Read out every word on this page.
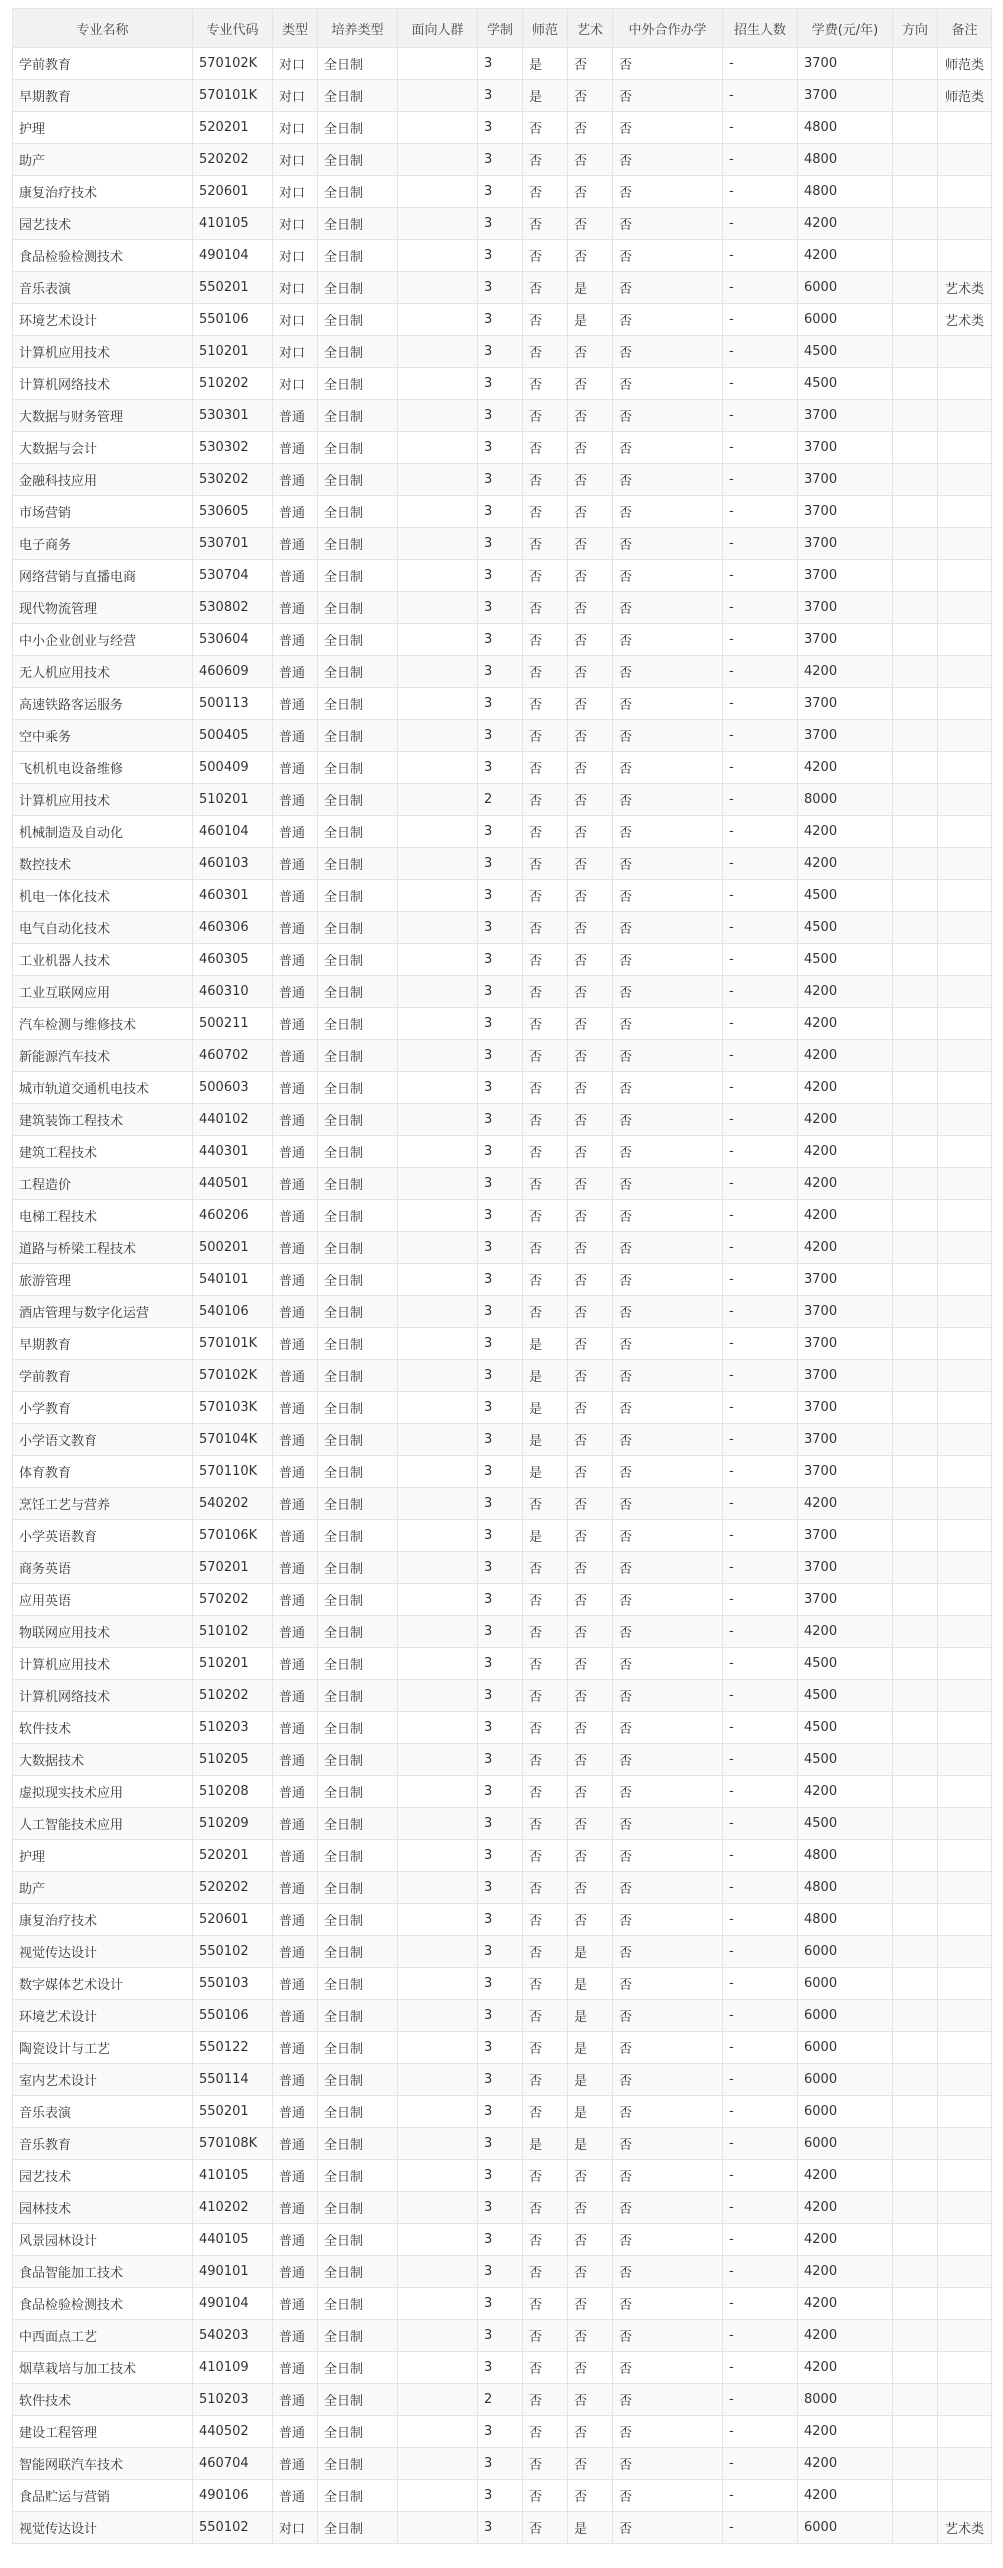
专业名称	专业代码	类型	培养类型	面向人群	学制	师范	艺术	中外合作办学	招生人数	学费(元/年)	方向	备注
学前教育	570102K	对口	全日制		3	是	否	否	-	3700		师范类
早期教育	570101K	对口	全日制		3	是	否	否	-	3700		师范类
护理	520201	对口	全日制		3	否	否	否	-	4800		
助产	520202	对口	全日制		3	否	否	否	-	4800		
康复治疗技术	520601	对口	全日制		3	否	否	否	-	4800		
园艺技术	410105	对口	全日制		3	否	否	否	-	4200		
食品检验检测技术	490104	对口	全日制		3	否	否	否	-	4200		
音乐表演	550201	对口	全日制		3	否	是	否	-	6000		艺术类
环境艺术设计	550106	对口	全日制		3	否	是	否	-	6000		艺术类
计算机应用技术	510201	对口	全日制		3	否	否	否	-	4500		
计算机网络技术	510202	对口	全日制		3	否	否	否	-	4500		
大数据与财务管理	530301	普通	全日制		3	否	否	否	-	3700		
大数据与会计	530302	普通	全日制		3	否	否	否	-	3700		
金融科技应用	530202	普通	全日制		3	否	否	否	-	3700		
市场营销	530605	普通	全日制		3	否	否	否	-	3700		
电子商务	530701	普通	全日制		3	否	否	否	-	3700		
网络营销与直播电商	530704	普通	全日制		3	否	否	否	-	3700		
现代物流管理	530802	普通	全日制		3	否	否	否	-	3700		
中小企业创业与经营	530604	普通	全日制		3	否	否	否	-	3700		
无人机应用技术	460609	普通	全日制		3	否	否	否	-	4200		
高速铁路客运服务	500113	普通	全日制		3	否	否	否	-	3700		
空中乘务	500405	普通	全日制		3	否	否	否	-	3700		
飞机机电设备维修	500409	普通	全日制		3	否	否	否	-	4200		
计算机应用技术	510201	普通	全日制		2	否	否	否	-	8000		
机械制造及自动化	460104	普通	全日制		3	否	否	否	-	4200		
数控技术	460103	普通	全日制		3	否	否	否	-	4200		
机电一体化技术	460301	普通	全日制		3	否	否	否	-	4500		
电气自动化技术	460306	普通	全日制		3	否	否	否	-	4500		
工业机器人技术	460305	普通	全日制		3	否	否	否	-	4500		
工业互联网应用	460310	普通	全日制		3	否	否	否	-	4200		
汽车检测与维修技术	500211	普通	全日制		3	否	否	否	-	4200		
新能源汽车技术	460702	普通	全日制		3	否	否	否	-	4200		
城市轨道交通机电技术	500603	普通	全日制		3	否	否	否	-	4200		
建筑装饰工程技术	440102	普通	全日制		3	否	否	否	-	4200		
建筑工程技术	440301	普通	全日制		3	否	否	否	-	4200		
工程造价	440501	普通	全日制		3	否	否	否	-	4200		
电梯工程技术	460206	普通	全日制		3	否	否	否	-	4200		
道路与桥梁工程技术	500201	普通	全日制		3	否	否	否	-	4200		
旅游管理	540101	普通	全日制		3	否	否	否	-	3700		
酒店管理与数字化运营	540106	普通	全日制		3	否	否	否	-	3700		
早期教育	570101K	普通	全日制		3	是	否	否	-	3700		
学前教育	570102K	普通	全日制		3	是	否	否	-	3700		
小学教育	570103K	普通	全日制		3	是	否	否	-	3700		
小学语文教育	570104K	普通	全日制		3	是	否	否	-	3700		
体育教育	570110K	普通	全日制		3	是	否	否	-	3700		
烹饪工艺与营养	540202	普通	全日制		3	否	否	否	-	4200		
小学英语教育	570106K	普通	全日制		3	是	否	否	-	3700		
商务英语	570201	普通	全日制		3	否	否	否	-	3700		
应用英语	570202	普通	全日制		3	否	否	否	-	3700		
物联网应用技术	510102	普通	全日制		3	否	否	否	-	4200		
计算机应用技术	510201	普通	全日制		3	否	否	否	-	4500		
计算机网络技术	510202	普通	全日制		3	否	否	否	-	4500		
软件技术	510203	普通	全日制		3	否	否	否	-	4500		
大数据技术	510205	普通	全日制		3	否	否	否	-	4500		
虚拟现实技术应用	510208	普通	全日制		3	否	否	否	-	4200		
人工智能技术应用	510209	普通	全日制		3	否	否	否	-	4500		
护理	520201	普通	全日制		3	否	否	否	-	4800		
助产	520202	普通	全日制		3	否	否	否	-	4800		
康复治疗技术	520601	普通	全日制		3	否	否	否	-	4800		
视觉传达设计	550102	普通	全日制		3	否	是	否	-	6000		
数字媒体艺术设计	550103	普通	全日制		3	否	是	否	-	6000		
环境艺术设计	550106	普通	全日制		3	否	是	否	-	6000		
陶瓷设计与工艺	550122	普通	全日制		3	否	是	否	-	6000		
室内艺术设计	550114	普通	全日制		3	否	是	否	-	6000		
音乐表演	550201	普通	全日制		3	否	是	否	-	6000		
音乐教育	570108K	普通	全日制		3	是	是	否	-	6000		
园艺技术	410105	普通	全日制		3	否	否	否	-	4200		
园林技术	410202	普通	全日制		3	否	否	否	-	4200		
风景园林设计	440105	普通	全日制		3	否	否	否	-	4200		
食品智能加工技术	490101	普通	全日制		3	否	否	否	-	4200		
食品检验检测技术	490104	普通	全日制		3	否	否	否	-	4200		
中西面点工艺	540203	普通	全日制		3	否	否	否	-	4200		
烟草栽培与加工技术	410109	普通	全日制		3	否	否	否	-	4200		
软件技术	510203	普通	全日制		2	否	否	否	-	8000		
建设工程管理	440502	普通	全日制		3	否	否	否	-	4200		
智能网联汽车技术	460704	普通	全日制		3	否	否	否	-	4200		
食品贮运与营销	490106	普通	全日制		3	否	否	否	-	4200		
视觉传达设计	550102	对口	全日制		3	否	是	否	-	6000		艺术类
